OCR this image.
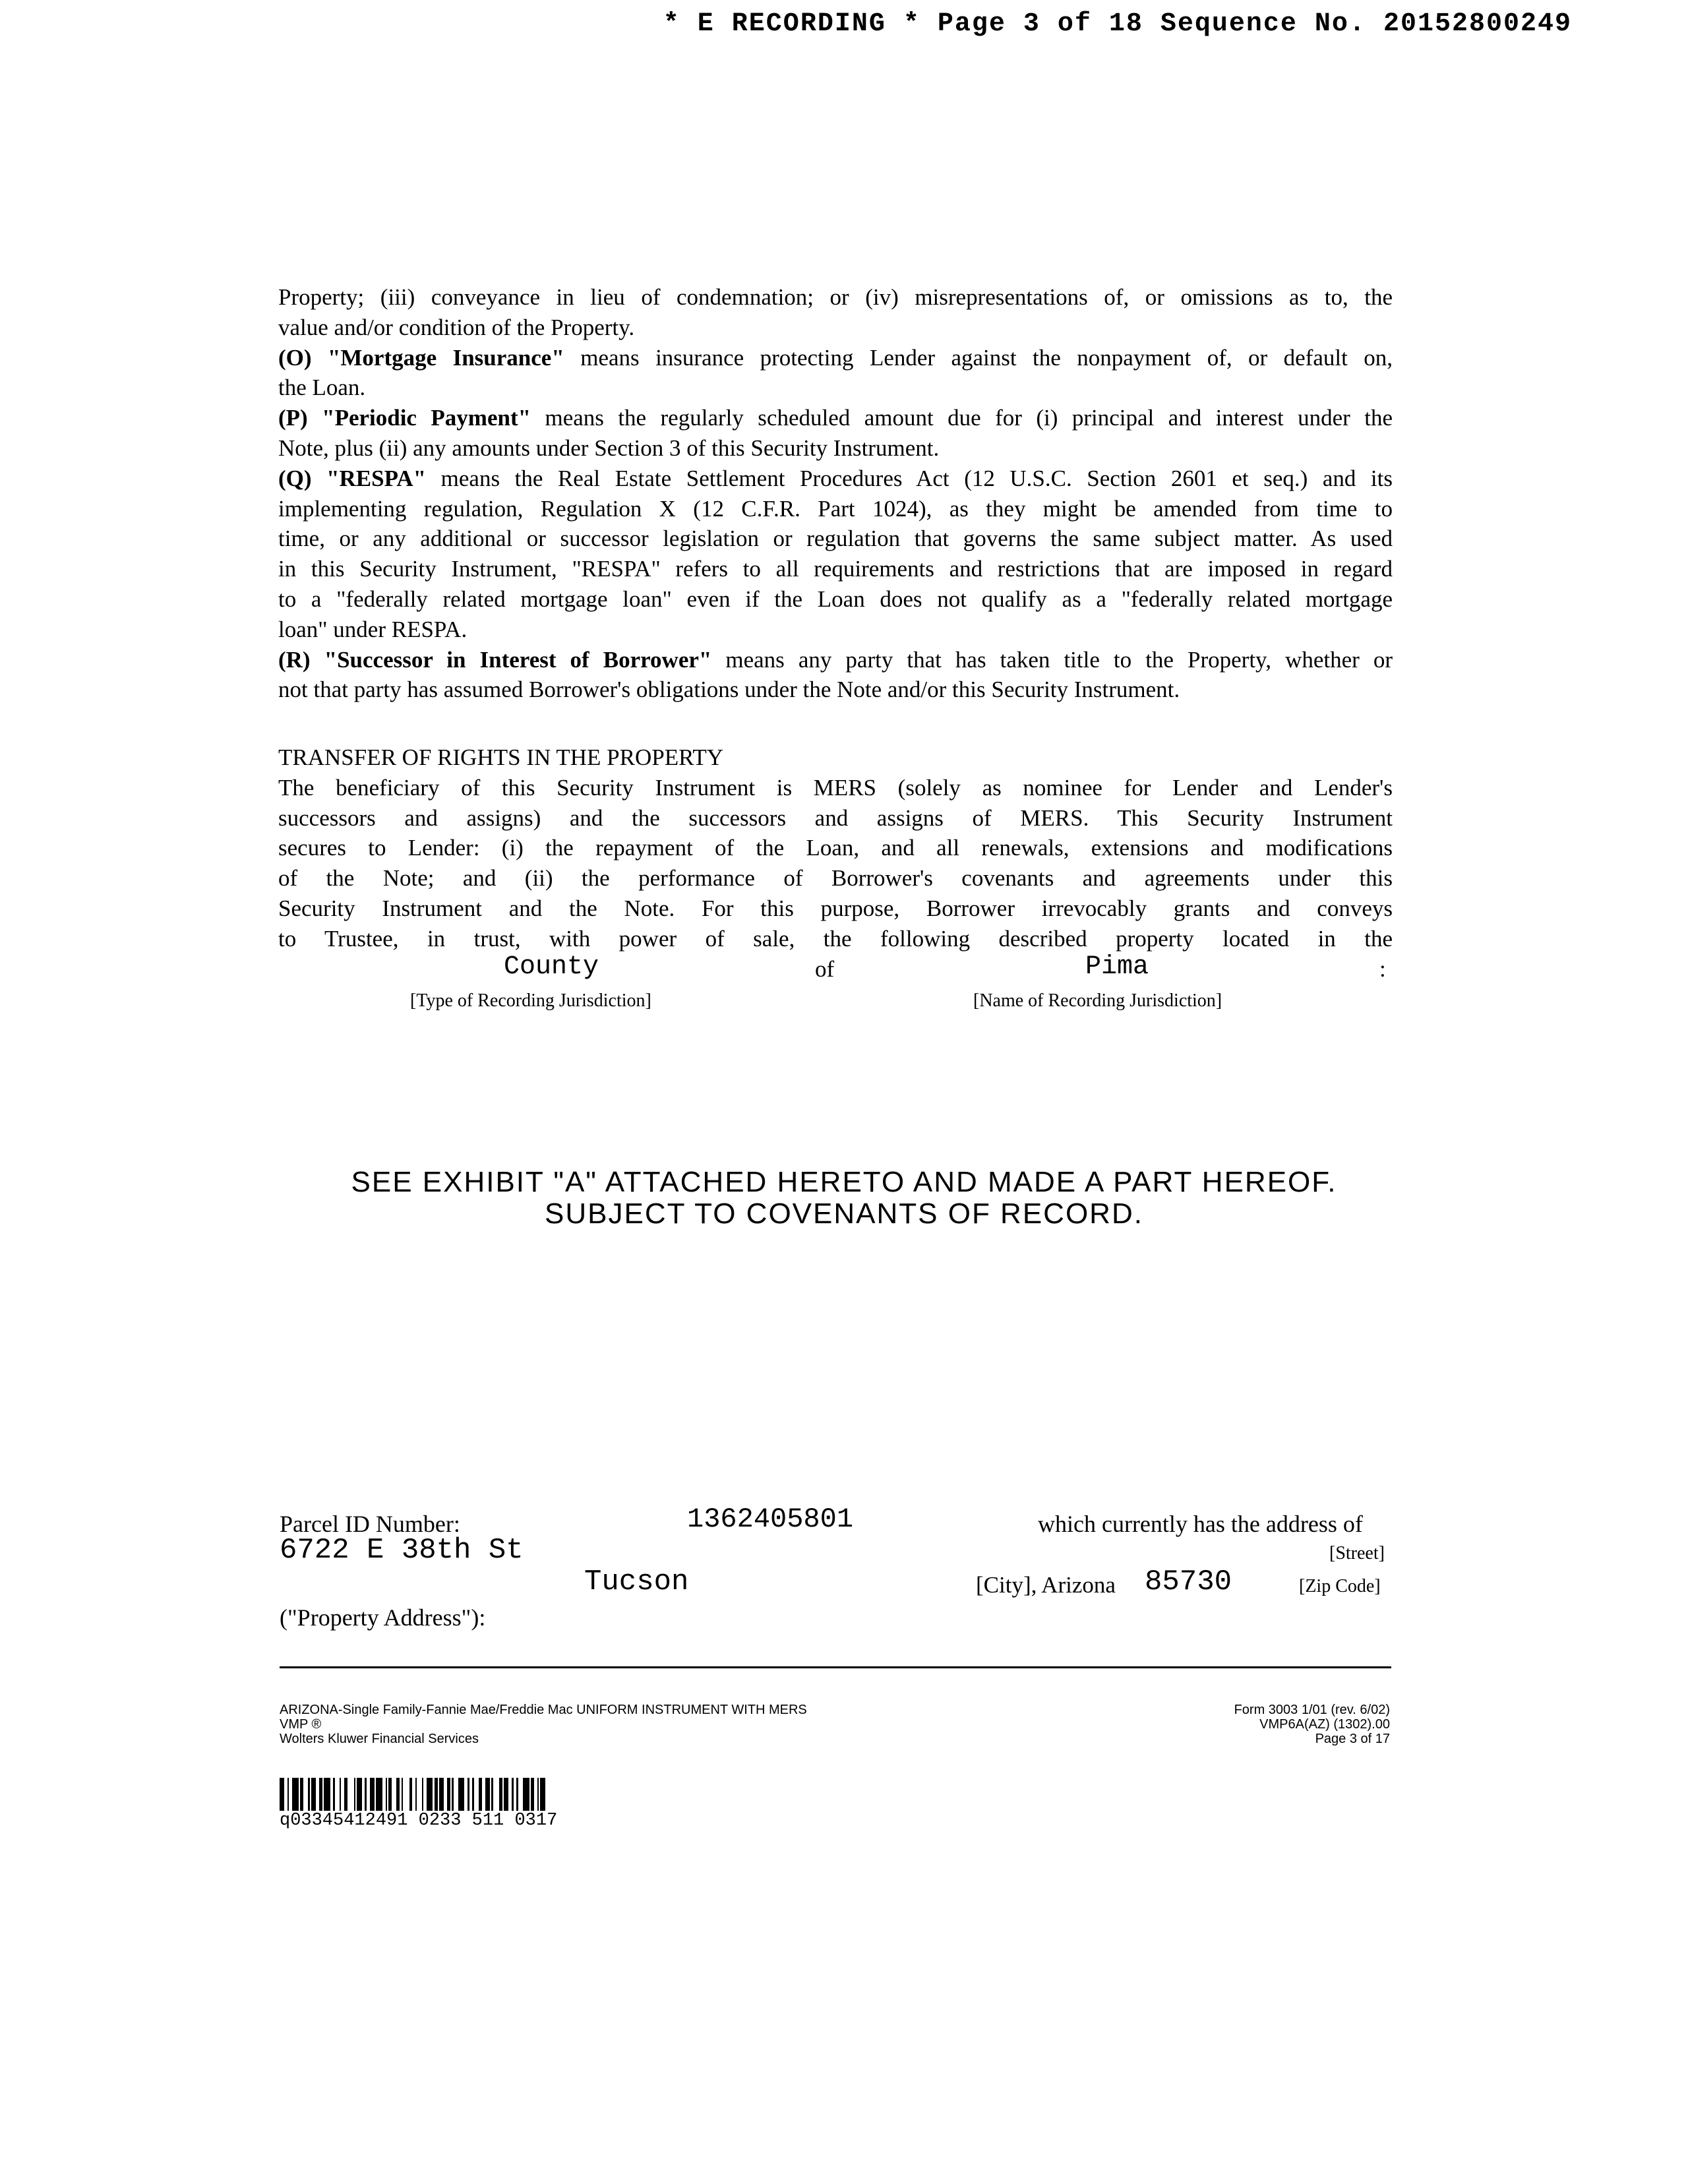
* E RECORDING * Page 3 of 18 Sequence No. 20152800249
Property; (iii) conveyance in lieu of condemnation; or (iv) misrepresentations of, or omissions as to, the
value and/or condition of the Property.
(O) "Mortgage Insurance" means insurance protecting Lender against the nonpayment of, or default on,
the Loan.
(P) "Periodic Payment" means the regularly scheduled amount due for (i) principal and interest under the
Note, plus (ii) any amounts under Section 3 of this Security Instrument.
(Q) "RESPA" means the Real Estate Settlement Procedures Act (12 U.S.C. Section 2601 et seq.) and its
implementing regulation, Regulation X (12 C.F.R. Part 1024), as they might be amended from time to
time, or any additional or successor legislation or regulation that governs the same subject matter. As used
in this Security Instrument, "RESPA" refers to all requirements and restrictions that are imposed in regard
to a "federally related mortgage loan" even if the Loan does not qualify as a "federally related mortgage
loan" under RESPA.
(R) "Successor in Interest of Borrower" means any party that has taken title to the Property, whether or
not that party has assumed Borrower's obligations under the Note and/or this Security Instrument.
TRANSFER OF RIGHTS IN THE PROPERTY
The beneficiary of this Security Instrument is MERS (solely as nominee for Lender and Lender's
successors and assigns) and the successors and assigns of MERS. This Security Instrument
secures to Lender: (i) the repayment of the Loan, and all renewals, extensions and modifications
of the Note; and (ii) the performance of Borrower's covenants and agreements under this
Security Instrument and the Note. For this purpose, Borrower irrevocably grants and conveys
to Trustee, in trust, with power of sale, the following described property located in the
County	of	Pima	:
[Type of Recording Jurisdiction]	[Name of Recording Jurisdiction]
SEE EXHIBIT "A" ATTACHED HERETO AND MADE A PART HEREOF.
SUBJECT TO COVENANTS OF RECORD.
Parcel ID Number:	1362405801	which currently has the address of
6722 E 38th St	[Street]
Tucson	[City], Arizona 85730	[Zip Code]
("Property Address"):
ARIZONA-Single Family-Fannie Mae/Freddie Mac UNIFORM INSTRUMENT WITH MERS
VMP ®
Wolters Kluwer Financial Services
Form 3003 1/01 (rev. 6/02)
VMP6A(AZ) (1302).00
Page 3 of 17
q03345412491 0233 511 0317
